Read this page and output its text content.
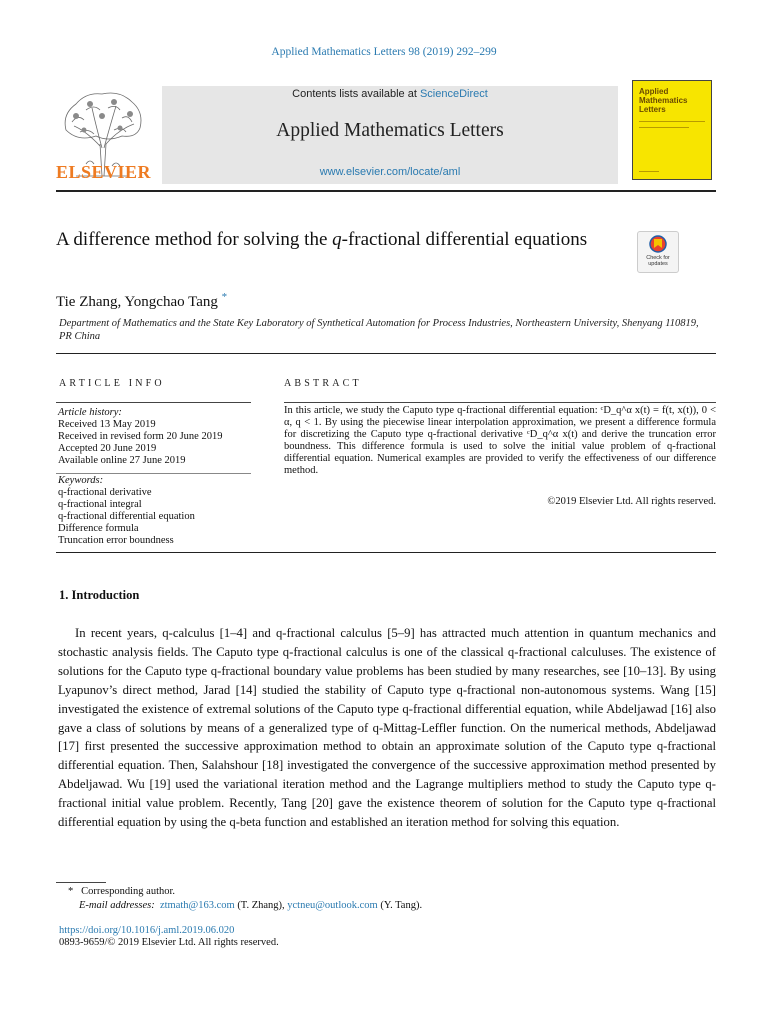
Applied Mathematics Letters 98 (2019) 292–299
ELSEVIER
Contents lists available at ScienceDirect
Applied Mathematics Letters
www.elsevier.com/locate/aml
Applied Mathematics Letters
A difference method for solving the q-fractional differential equations
Check for updates
Tie Zhang, Yongchao Tang *
Department of Mathematics and the State Key Laboratory of Synthetical Automation for Process Industries, Northeastern University, Shenyang 110819, PR China
ARTICLE INFO	ABSTRACT
Article history:
Received 13 May 2019
Received in revised form 20 June 2019
Accepted 20 June 2019
Available online 27 June 2019
Keywords:
q-fractional derivative
q-fractional integral
q-fractional differential equation
Difference formula
Truncation error boundness
In this article, we study the Caputo type q-fractional differential equation: ᶜD_q^α x(t) = f(t, x(t)), 0 < α, q < 1. By using the piecewise linear interpolation approximation, we present a difference formula for discretizing the Caputo type q-fractional derivative ᶜD_q^α x(t) and derive the truncation error boundness. This difference formula is used to solve the initial value problem of q-fractional differential equation. Numerical examples are provided to verify the effectiveness of our difference method.
©2019 Elsevier Ltd. All rights reserved.
1. Introduction
In recent years, q-calculus [1–4] and q-fractional calculus [5–9] has attracted much attention in quantum mechanics and stochastic analysis fields. The Caputo type q-fractional calculus is one of the classical q-fractional calculuses. The existence of solutions for the Caputo type q-fractional boundary value problems has been studied by many researches, see [10–13]. By using Lyapunov’s direct method, Jarad [14] studied the stability of Caputo type q-fractional non-autonomous systems. Wang [15] investigated the existence of extremal solutions of the Caputo type q-fractional differential equation, while Abdeljawad [16] also gave a class of solutions by means of a generalized type of q-Mittag-Leffler function. On the numerical methods, Abdeljawad [17] first presented the successive approximation method to obtain an approximate solution of the Caputo type q-fractional differential equation. Then, Salahshour [18] investigated the convergence of the successive approximation method presented by Abdeljawad. Wu [19] used the variational iteration method and the Lagrange multipliers method to study the Caputo type q-fractional initial value problem. Recently, Tang [20] gave the existence theorem of solution for the Caputo type q-fractional differential equation by using the q-beta function and established an iteration method for solving this equation.
* Corresponding author.
E-mail addresses: ztmath@163.com (T. Zhang), yctneu@outlook.com (Y. Tang).
https://doi.org/10.1016/j.aml.2019.06.020
0893-9659/© 2019 Elsevier Ltd. All rights reserved.
